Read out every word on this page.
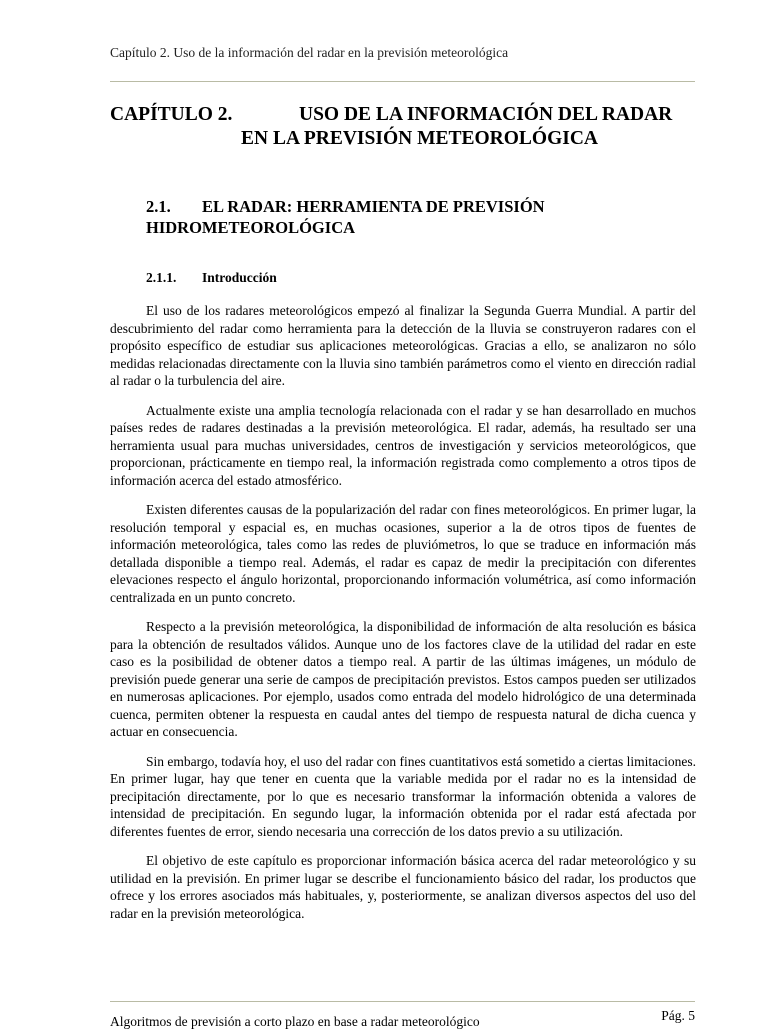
Capítulo 2. Uso de la información del radar en la previsión meteorológica
CAPÍTULO 2.	USO DE LA INFORMACIÓN DEL RADAR
EN LA PREVISIÓN METEOROLÓGICA
2.1.	EL RADAR: HERRAMIENTA DE PREVISIÓN
HIDROMETEOROLÓGICA
2.1.1.	Introducción

El uso de los radares meteorológicos empezó al finalizar la Segunda Guerra Mundial. A partir del descubrimiento del radar como herramienta para la detección de la lluvia se construyeron radares con el propósito específico de estudiar sus aplicaciones meteorológicas. Gracias a ello, se analizaron no sólo medidas relacionadas directamente con la lluvia sino también parámetros como el viento en dirección radial al radar o la turbulencia del aire.

Actualmente existe una amplia tecnología relacionada con el radar y se han desarrollado en muchos países redes de radares destinadas a la previsión meteorológica. El radar, además, ha resultado ser una herramienta usual para muchas universidades, centros de investigación y servicios meteorológicos, que proporcionan, prácticamente en tiempo real, la información registrada como complemento a otros tipos de información acerca del estado atmosférico.

Existen diferentes causas de la popularización del radar con fines meteorológicos. En primer lugar, la resolución temporal y espacial es, en muchas ocasiones, superior a la de otros tipos de fuentes de información meteorológica, tales como las redes de pluviómetros, lo que se traduce en información más detallada disponible a tiempo real. Además, el radar es capaz de medir la precipitación con diferentes elevaciones respecto el ángulo horizontal, proporcionando información volumétrica, así como información centralizada en un punto concreto.

Respecto a la previsión meteorológica, la disponibilidad de información de alta resolución es básica para la obtención de resultados válidos. Aunque uno de los factores clave de la utilidad del radar en este caso es la posibilidad de obtener datos a tiempo real. A partir de las últimas imágenes, un módulo de previsión puede generar una serie de campos de precipitación previstos. Estos campos pueden ser utilizados en numerosas aplicaciones. Por ejemplo, usados como entrada del modelo hidrológico de una determinada cuenca, permiten obtener la respuesta en caudal antes del tiempo de respuesta natural de dicha cuenca y actuar en consecuencia.

Sin embargo, todavía hoy, el uso del radar con fines cuantitativos está sometido a ciertas limitaciones. En primer lugar, hay que tener en cuenta que la variable medida por el radar no es la intensidad de precipitación directamente, por lo que es necesario transformar la información obtenida a valores de intensidad de precipitación. En segundo lugar, la información obtenida por el radar está afectada por diferentes fuentes de error, siendo necesaria una corrección de los datos previo a su utilización.

El objetivo de este capítulo es proporcionar información básica acerca del radar meteorológico y su utilidad en la previsión. En primer lugar se describe el funcionamiento básico del radar, los productos que ofrece y los errores asociados más habituales, y, posteriormente, se analizan diversos aspectos del uso del radar en la previsión meteorológica.

Algoritmos de previsión a corto plazo en base a radar meteorológico	Pág. 5
